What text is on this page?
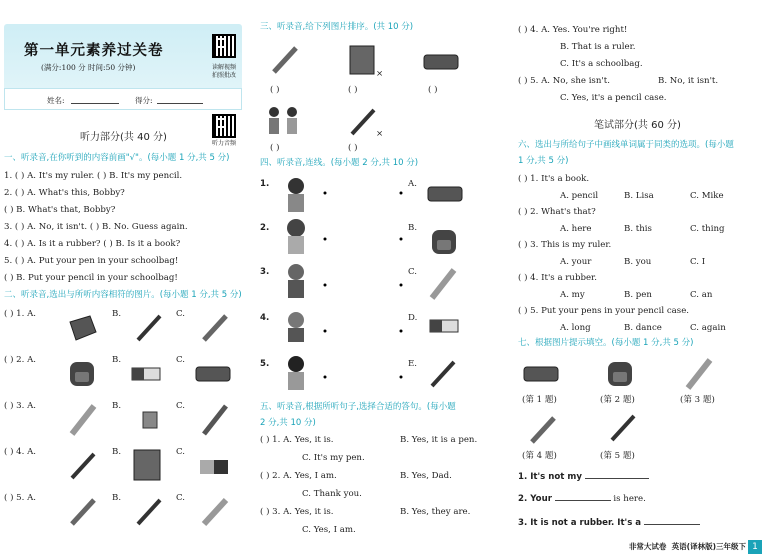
第一单元素养过关卷
(满分:100 分 时间:50 分钟)	读解视频
拍照批改
姓名:	得分:
听力音频
听力部分(共 40 分)
一、听录音,在你听到的内容前画"√"。(每小题 1 分,共 5 分)
1. ( ) A. It's my ruler. ( ) B. It's my pencil.
2. ( ) A. What's this, Bobby?
( ) B. What's that, Bobby?
3. ( ) A. No, it isn't. ( ) B. No. Guess again.
4. ( ) A. Is it a rubber? ( ) B. Is it a book?
5. ( ) A. Put your pen in your schoolbag!
( ) B. Put your pencil in your schoolbag!
二、听录音,选出与所听内容相符的图片。(每小题 1 分,共 5 分)
( ) 1. A.	B.	C.
( ) 2. A.	B.	C.
( ) 3. A.	B.	C.
( ) 4. A.	B.	C.
( ) 5. A.	B.	C.
三、听录音,给下列图片排序。(共 10 分)
×
( )	( )	( )
×
( )	( )
四、听录音,连线。(每小题 2 分,共 10 分)
1.
2.
3.
4.
5.
A.
B.
C.
D.
E.
五、听录音,根据所听句子,选择合适的答句。(每小题
2 分,共 10 分)
( ) 1. A. Yes, it is.	B. Yes, it is a pen.
C. It's my pen.
( ) 2. A. Yes, I am.	B. Yes, Dad.
C. Thank you.
( ) 3. A. Yes, it is.	B. Yes, they are.
C. Yes, I am.
( ) 4. A. Yes. You're right!
B. That is a ruler.
C. It's a schoolbag.
( ) 5. A. No, she isn't.	B. No, it isn't.
C. Yes, it's a pencil case.
笔试部分(共 60 分)
六、选出与所给句子中画线单词属于同类的选项。(每小题
1 分,共 5 分)
( ) 1. It's a book.
A. pencil	B. Lisa	C. Mike
( ) 2. What's that?
A. here	B. this	C. thing
( ) 3. This is my ruler.
A. your	B. you	C. I
( ) 4. It's a rubber.
A. my	B. pen	C. an
( ) 5. Put your pens in your pencil case.
A. long	B. dance	C. again
七、根据图片提示填空。(每小题 1 分,共 5 分)
(第 1 题)	(第 2 题)	(第 3 题)
(第 4 题)	(第 5 题)
1. It's not my
2. Your	is here.
3. It is not a rubber. It's a
非常大试卷 英语(译林版)三年级下 1
